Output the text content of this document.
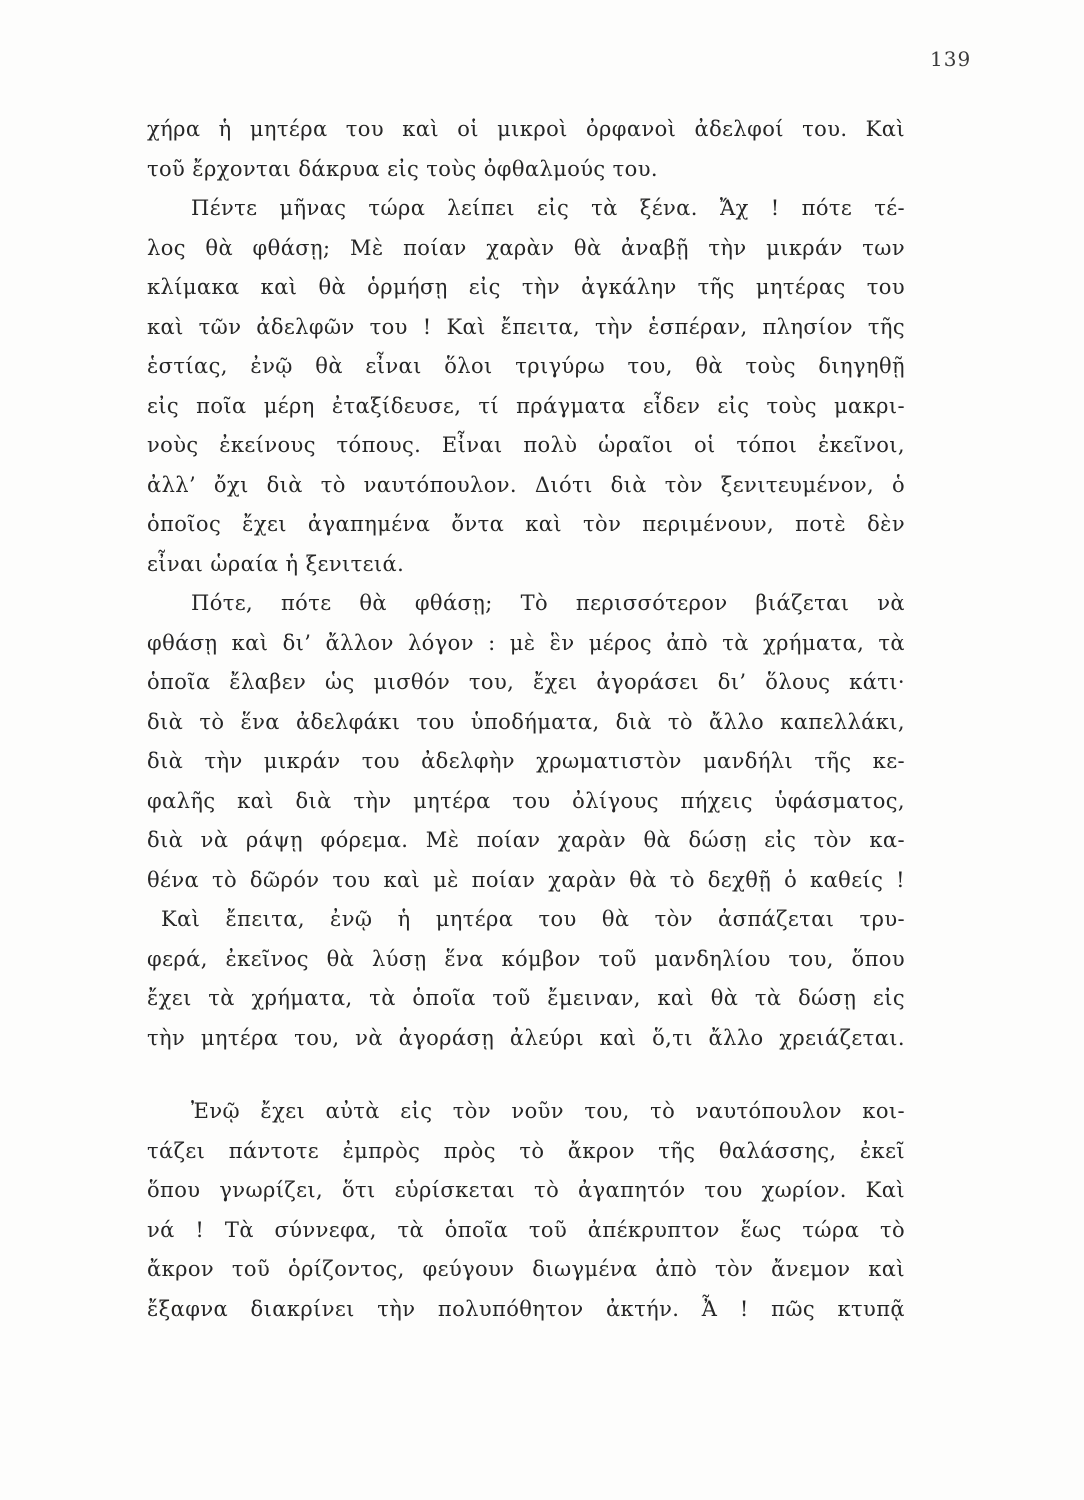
139
χήρα ἡ μητέρα του καὶ οἱ μικροὶ ὀρφανοὶ ἀδελφοί του. Καὶ
τοῦ ἔρχονται δάκρυα εἰς τοὺς ὀφθαλμούς του.
Πέντε μῆνας τώρα λείπει εἰς τὰ ξένα. Ἄχ ! πότε τέ-
λος θὰ φθάσῃ; Μὲ ποίαν χαρὰν θὰ ἀναβῇ τὴν μικράν των
κλίμακα καὶ θὰ ὁρμήσῃ εἰς τὴν ἀγκάλην τῆς μητέρας του
καὶ τῶν ἀδελφῶν του ! Καὶ ἔπειτα, τὴν ἑσπέραν, πλησίον τῆς
ἑστίας, ἐνῷ θὰ εἶναι ὅλοι τριγύρω του, θὰ τοὺς διηγηθῇ
εἰς ποῖα μέρη ἐταξίδευσε, τί πράγματα εἶδεν εἰς τοὺς μακρι-
νοὺς ἐκείνους τόπους. Εἶναι πολὺ ὡραῖοι οἱ τόποι ἐκεῖνοι,
ἀλλ’ ὄχι διὰ τὸ ναυτόπουλον. Διότι διὰ τὸν ξενιτευμένον, ὁ
ὁποῖος ἔχει ἀγαπημένα ὄντα καὶ τὸν περιμένουν, ποτὲ δὲν
εἶναι ὡραία ἡ ξενιτειά.
Πότε, πότε θὰ φθάσῃ; Τὸ περισσότερον βιάζεται νὰ
φθάσῃ καὶ δι’ ἄλλον λόγον : μὲ ἓν μέρος ἀπὸ τὰ χρήματα, τὰ
ὁποῖα ἔλαβεν ὡς μισθόν του, ἔχει ἀγοράσει δι’ ὅλους κάτι·
διὰ τὸ ἕνα ἀδελφάκι του ὑποδήματα, διὰ τὸ ἄλλο καπελλάκι,
διὰ τὴν μικράν του ἀδελφὴν χρωματιστὸν μανδήλι τῆς κε-
φαλῆς καὶ διὰ τὴν μητέρα του ὀλίγους πήχεις ὑφάσματος,
διὰ νὰ ράψῃ φόρεμα. Μὲ ποίαν χαρὰν θὰ δώσῃ εἰς τὸν κα-
θένα τὸ δῶρόν του καὶ μὲ ποίαν χαρὰν θὰ τὸ δεχθῇ ὁ καθείς !
Καὶ ἔπειτα, ἐνῷ ἡ μητέρα του θὰ τὸν ἀσπάζεται τρυ-
φερά, ἐκεῖνος θὰ λύσῃ ἕνα κόμβον τοῦ μανδηλίου του, ὅπου
ἔχει τὰ χρήματα, τὰ ὁποῖα τοῦ ἔμειναν, καὶ θὰ τὰ δώσῃ εἰς
τὴν μητέρα του, νὰ ἀγοράσῃ ἀλεύρι καὶ ὅ,τι ἄλλο χρειάζεται.
Ἐνῷ ἔχει αὐτὰ εἰς τὸν νοῦν του, τὸ ναυτόπουλον κοι-
τάζει πάντοτε ἐμπρὸς πρὸς τὸ ἄκρον τῆς θαλάσσης, ἐκεῖ
ὅπου γνωρίζει, ὅτι εὑρίσκεται τὸ ἀγαπητόν του χωρίον. Καὶ
νά ! Τὰ σύννεφα, τὰ ὁποῖα τοῦ ἀπέκρυπτον ἕως τώρα τὸ
ἄκρον τοῦ ὁρίζοντος, φεύγουν διωγμένα ἀπὸ τὸν ἄνεμον καὶ
ἔξαφνα διακρίνει τὴν πολυπόθητον ἀκτήν. Ἆ ! πῶς κτυπᾷ
